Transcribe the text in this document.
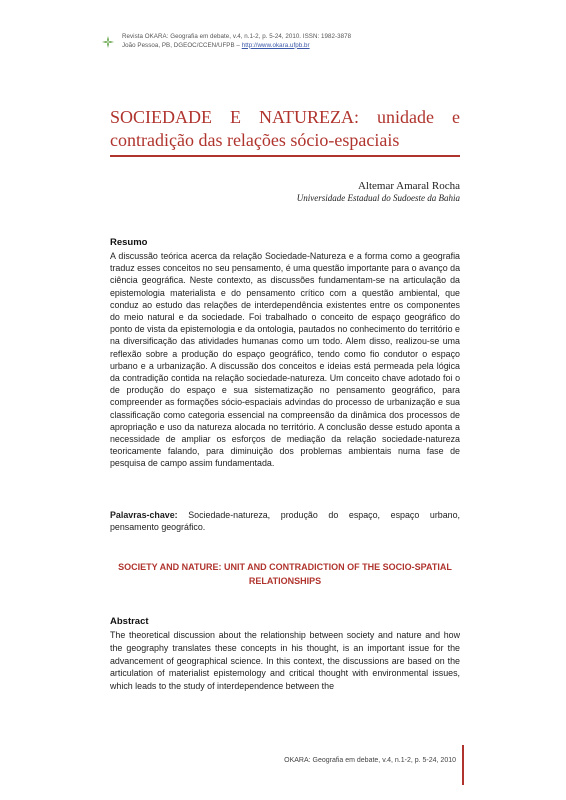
Revista OKARA: Geografia em debate, v.4, n.1-2, p. 5-24, 2010. ISSN: 1982-3878
João Pessoa, PB, DGEOC/CCEN/UFPB – http://www.okara.ufpb.br
SOCIEDADE E NATUREZA: unidade e contradição das relações sócio-espaciais
Altemar Amaral Rocha
Universidade Estadual do Sudoeste da Bahia
Resumo
A discussão teórica acerca da relação Sociedade-Natureza e a forma como a geografia traduz esses conceitos no seu pensamento, é uma questão importante para o avanço da ciência geográfica. Neste contexto, as discussões fundamentam-se na articulação da epistemologia materialista e do pensamento crítico com a questão ambiental, que conduz ao estudo das relações de interdependência existentes entre os componentes do meio natural e da sociedade. Foi trabalhado o conceito de espaço geográfico do ponto de vista da epistemologia e da ontologia, pautados no conhecimento do território e na diversificação das atividades humanas como um todo. Alem disso, realizou-se uma reflexão sobre a produção do espaço geográfico, tendo como fio condutor o espaço urbano e a urbanização. A discussão dos conceitos e ideias está permeada pela lógica da contradição contida na relação sociedade-natureza. Um conceito chave adotado foi o de produção do espaço e sua sistematização no pensamento geográfico, para compreender as formações sócio-espaciais advindas do processo de urbanização e sua classificação como categoria essencial na compreensão da dinâmica dos processos de apropriação e uso da natureza alocada no território. A conclusão desse estudo aponta a necessidade de ampliar os esforços de mediação da relação sociedade-natureza teoricamente falando, para diminuição dos problemas ambientais numa fase de pesquisa de campo assim fundamentada.
Palavras-chave: Sociedade-natureza, produção do espaço, espaço urbano, pensamento geográfico.
SOCIETY AND NATURE: UNIT AND CONTRADICTION OF THE SOCIO-SPATIAL RELATIONSHIPS
Abstract
The theoretical discussion about the relationship between society and nature and how the geography translates these concepts in his thought, is an important issue for the advancement of geographical science. In this context, the discussions are based on the articulation of materialist epistemology and critical thought with environmental issues, which leads to the study of interdependence between the
OKARA: Geografia em debate, v.4, n.1-2, p. 5-24, 2010
